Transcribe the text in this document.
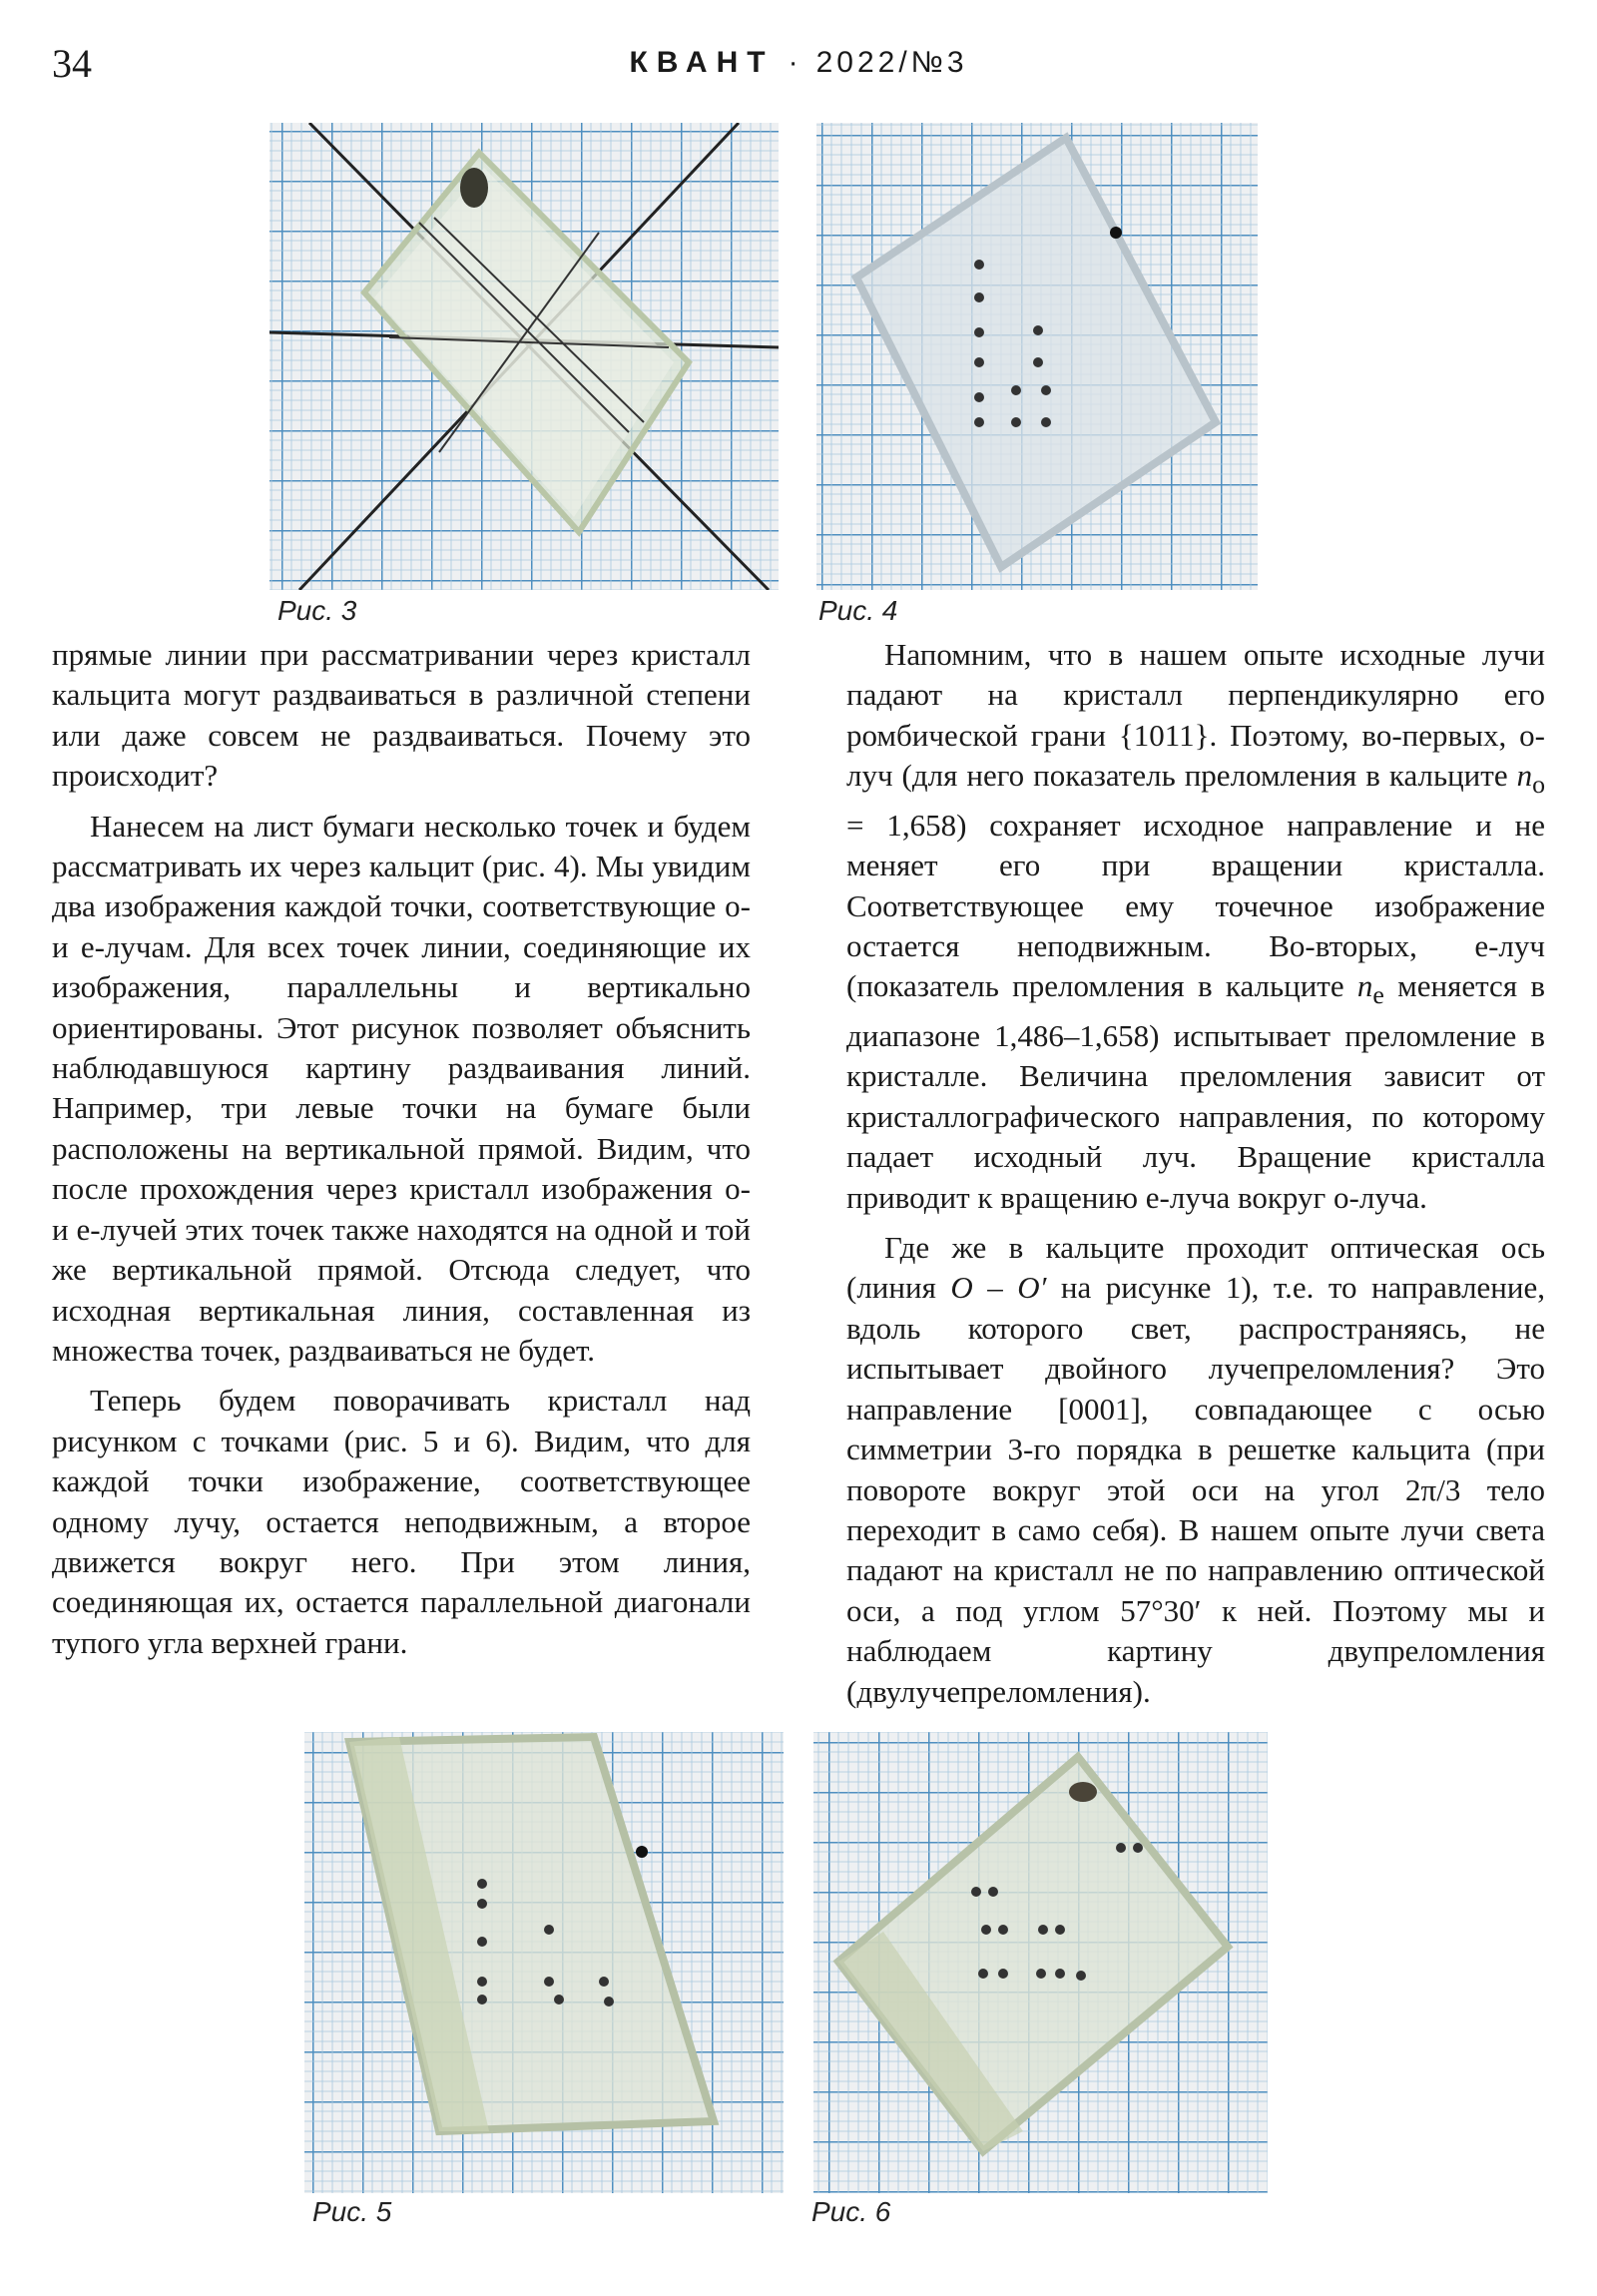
34	КВАНТ · 2022/№3
Рис. 3	Рис. 4

прямые линии при рассматривании через кристалл кальцита могут раздваиваться в различной степени или даже совсем не раздваиваться. Почему это происходит?

Нанесем на лист бумаги несколько точек и будем рассматривать их через кальцит (рис. 4). Мы увидим два изображения каждой точки, соответствующие о- и е-лучам. Для всех точек линии, соединяющие их изображения, параллельны и вертикально ориентированы. Этот рисунок позволяет объяснить наблюдавшуюся картину раздваивания линий. Например, три левые точки на бумаге были расположены на вертикальной прямой. Видим, что после прохождения через кристалл изображения о- и е-лучей этих точек также находятся на одной и той же вертикальной прямой. Отсюда следует, что исходная вертикальная линия, составленная из множества точек, раздваиваться не будет.

Теперь будем поворачивать кристалл над рисунком с точками (рис. 5 и 6). Видим, что для каждой точки изображение, соответствующее одному лучу, остается неподвижным, а второе движется вокруг него. При этом линия, соединяющая их, остается параллельной диагонали тупого угла верхней грани.

Напомним, что в нашем опыте исходные лучи падают на кристалл перпендикулярно его ромбической грани {1011}. Поэтому, во-первых, о-луч (для него показатель преломления в кальците $n_o = 1,658$) сохраняет исходное направление и не меняет его при вращении кристалла. Соответствующее ему точечное изображение остается неподвижным. Во-вторых, е-луч (показатель преломления в кальците $n_e$ меняется в диапазоне 1,486–1,658) испытывает преломление в кристалле. Величина преломления зависит от кристаллографического направления, по которому падает исходный луч. Вращение кристалла приводит к вращению е-луча вокруг о-луча.

Где же в кальците проходит оптическая ось (линия O – O′ на рисунке 1), т.е. то направление, вдоль которого свет, распространяясь, не испытывает двойного лучепреломления? Это направление [0001], совпадающее с осью симметрии 3-го порядка в решетке кальцита (при повороте вокруг этой оси на угол 2π/3 тело переходит в само себя). В нашем опыте лучи света падают на кристалл не по направлению оптической оси, а под углом 57°30′ к ней. Поэтому мы и наблюдаем картину двупреломления (двулучепреломления).

Рис. 5	Рис. 6
